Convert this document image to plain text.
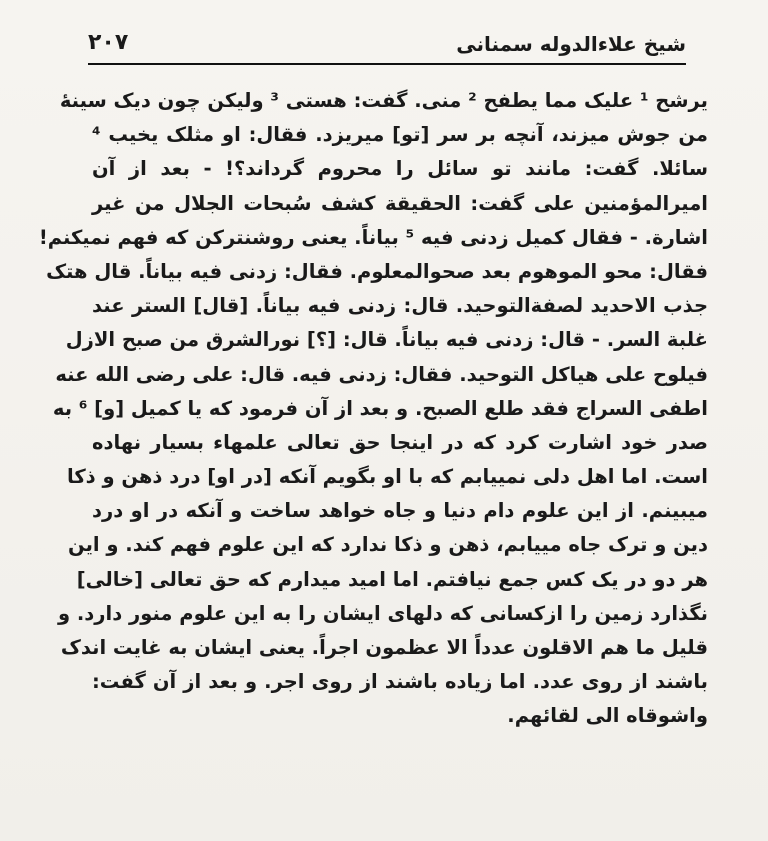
شیخ علاءالدوله سمنانی
۲۰۷
یرشح ¹ علیک مما یطفح ² منی. گفت: هستی ³ ولیکن چون دیک سینهٔ
من جوش میزند، آنچه بر سر [تو] میریزد. فقال: او مثلک یخیب ⁴
سائلا. گفت: مانند تو سائل را محروم گرداند؟! - بعد از آن
امیرالمؤمنین علی گفت: الحقیقة کشف سُبحات الجلال من غیر
اشارة. - فقال کمیل زدنی فیه ⁵ بیاناً. یعنی روشنترکن که فهم نمیکنم!
فقال: محو الموهوم بعد صحوالمعلوم. فقال: زدنی فیه بیاناً. قال هتک
جذب الاحدید لصفةالتوحید. قال: زدنی فیه بیاناً. [قال] الستر عند
غلبة السر. - قال: زدنی فیه بیاناً. قال: [؟] نورالشرق من صبح الازل
فیلوح علی هیاکل التوحید. فقال: زدنی فیه. قال: علی رضی الله عنه
اطفی السراج فقد طلع الصبح. و بعد از آن فرمود که یا کمیل [و] ⁶ به
صدر خود اشارت کرد که در اینجا حق تعالی علمهاء بسیار نهاده
است. اما اهل دلی نمییابم که با او بگویم آنکه [در او] درد ذهن و ذکا
میبینم. از این علوم دام دنیا و جاه خواهد ساخت و آنکه در او درد
دین و ترک جاه مییابم، ذهن و ذکا ندارد که این علوم فهم کند. و این
هر دو در یک کس جمع نیافتم. اما امید میدارم که حق تعالی [خالی]
نگذارد زمین را ازکسانی که دلهای ایشان را به این علوم منور دارد. و
قلیل ما هم الاقلون عدداً الا عظمون اجراً. یعنی ایشان به غایت اندک
باشند از روی عدد. اما زیاده باشند از روی اجر. و بعد از آن گفت:
واشوقاه الی لقائهم.
